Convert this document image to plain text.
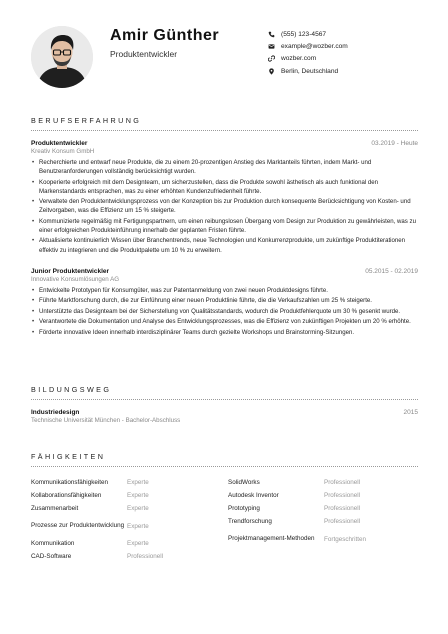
Amir Günther
Produktentwickler
(555) 123-4567
example@wozber.com
wozber.com
Berlin, Deutschland
BERUFSERFAHRUNG
Produktentwickler	03.2019 - Heute
Kreativ Konsum GmbH
• Recherchierte und entwarf neue Produkte, die zu einem 20-prozentigen Anstieg des Marktanteils führten, indem Markt- und Benutzeranforderungen vollständig berücksichtigt wurden.
• Kooperierte erfolgreich mit dem Designteam, um sicherzustellen, dass die Produkte sowohl ästhetisch als auch funktional den Markenstandards entsprachen, was zu einer erhöhten Kundenzufriedenheit führte.
• Verwaltete den Produktentwicklungsprozess von der Konzeption bis zur Produktion durch konsequente Berücksichtigung von Kosten- und Zeitvorgaben, was die Effizienz um 15 % steigerte.
• Kommunizierte regelmäßig mit Fertigungspartnern, um einen reibungslosen Übergang vom Design zur Produktion zu gewährleisten, was zu einer erfolgreichen Produkteinführung innerhalb der geplanten Fristen führte.
• Aktualisierte kontinuierlich Wissen über Branchentrends, neue Technologien und Konkurrenzprodukte, um zukünftige Produktiterationen effektiv zu integrieren und die Produktpalette um 10 % zu erweitern.
Junior Produktentwickler	05.2015 - 02.2019
Innovative Konsumlösungen AG
• Entwickelte Prototypen für Konsumgüter, was zur Patentanmeldung von zwei neuen Produktdesigns führte.
• Führte Marktforschung durch, die zur Einführung einer neuen Produktlinie führte, die die Verkaufszahlen um 25 % steigerte.
• Unterstützte das Designteam bei der Sicherstellung von Qualitätsstandards, wodurch die Produktfehlerquote um 30 % gesenkt wurde.
• Verantwortete die Dokumentation und Analyse des Entwicklungsprozesses, was die Effizienz von zukünftigen Projekten um 20 % erhöhte.
• Förderte innovative Ideen innerhalb interdisziplinärer Teams durch gezielte Workshops und Brainstorming-Sitzungen.
BILDUNGSWEG
Industriedesign	2015
Technische Universität München - Bachelor-Abschluss
FÄHIGKEITEN
Kommunikationsfähigkeiten	Experte
Kollaborationsfähigkeiten	Experte
Zusammenarbeit	Experte
Prozesse zur Produktentwicklung Experte
Kommunikation	Experte
CAD-Software	Professionell
SolidWorks	Professionell
Autodesk Inventor	Professionell
Prototyping	Professionell
Trendforschung	Professionell
Projektmanagement-Methoden	Fortgeschritten
